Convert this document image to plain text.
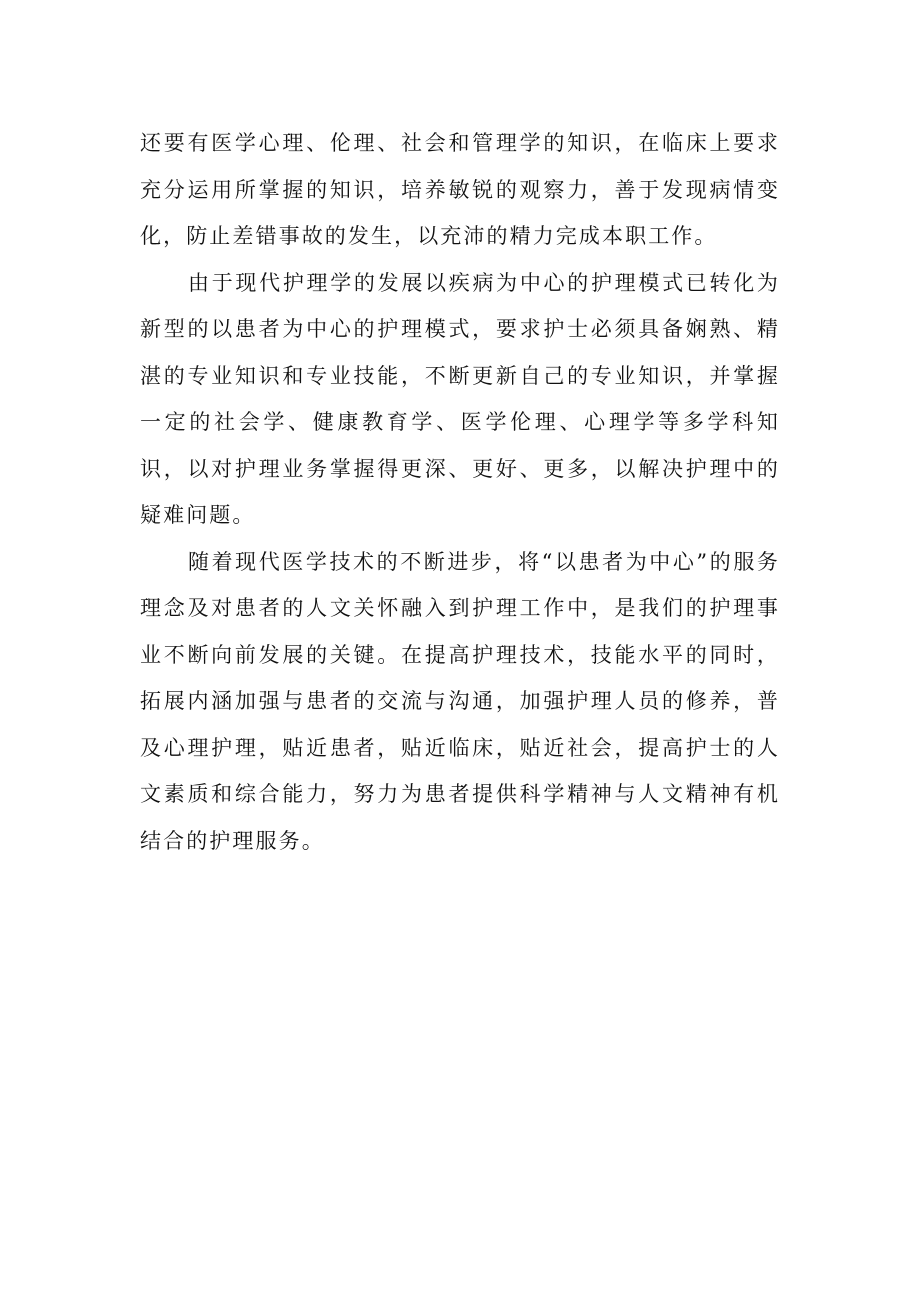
还要有医学心理、伦理、社会和管理学的知识，在临床上要求充分运用所掌握的知识，培养敏锐的观察力，善于发现病情变化，防止差错事故的发生，以充沛的精力完成本职工作。

由于现代护理学的发展以疾病为中心的护理模式已转化为新型的以患者为中心的护理模式，要求护士必须具备娴熟、精湛的专业知识和专业技能，不断更新自己的专业知识，并掌握一定的社会学、健康教育学、医学伦理、心理学等多学科知识，以对护理业务掌握得更深、更好、更多，以解决护理中的疑难问题。

随着现代医学技术的不断进步，将“以患者为中心”的服务理念及对患者的人文关怀融入到护理工作中，是我们的护理事业不断向前发展的关键。在提高护理技术，技能水平的同时，拓展内涵加强与患者的交流与沟通，加强护理人员的修养，普及心理护理，贴近患者，贴近临床，贴近社会，提高护士的人文素质和综合能力，努力为患者提供科学精神与人文精神有机结合的护理服务。
